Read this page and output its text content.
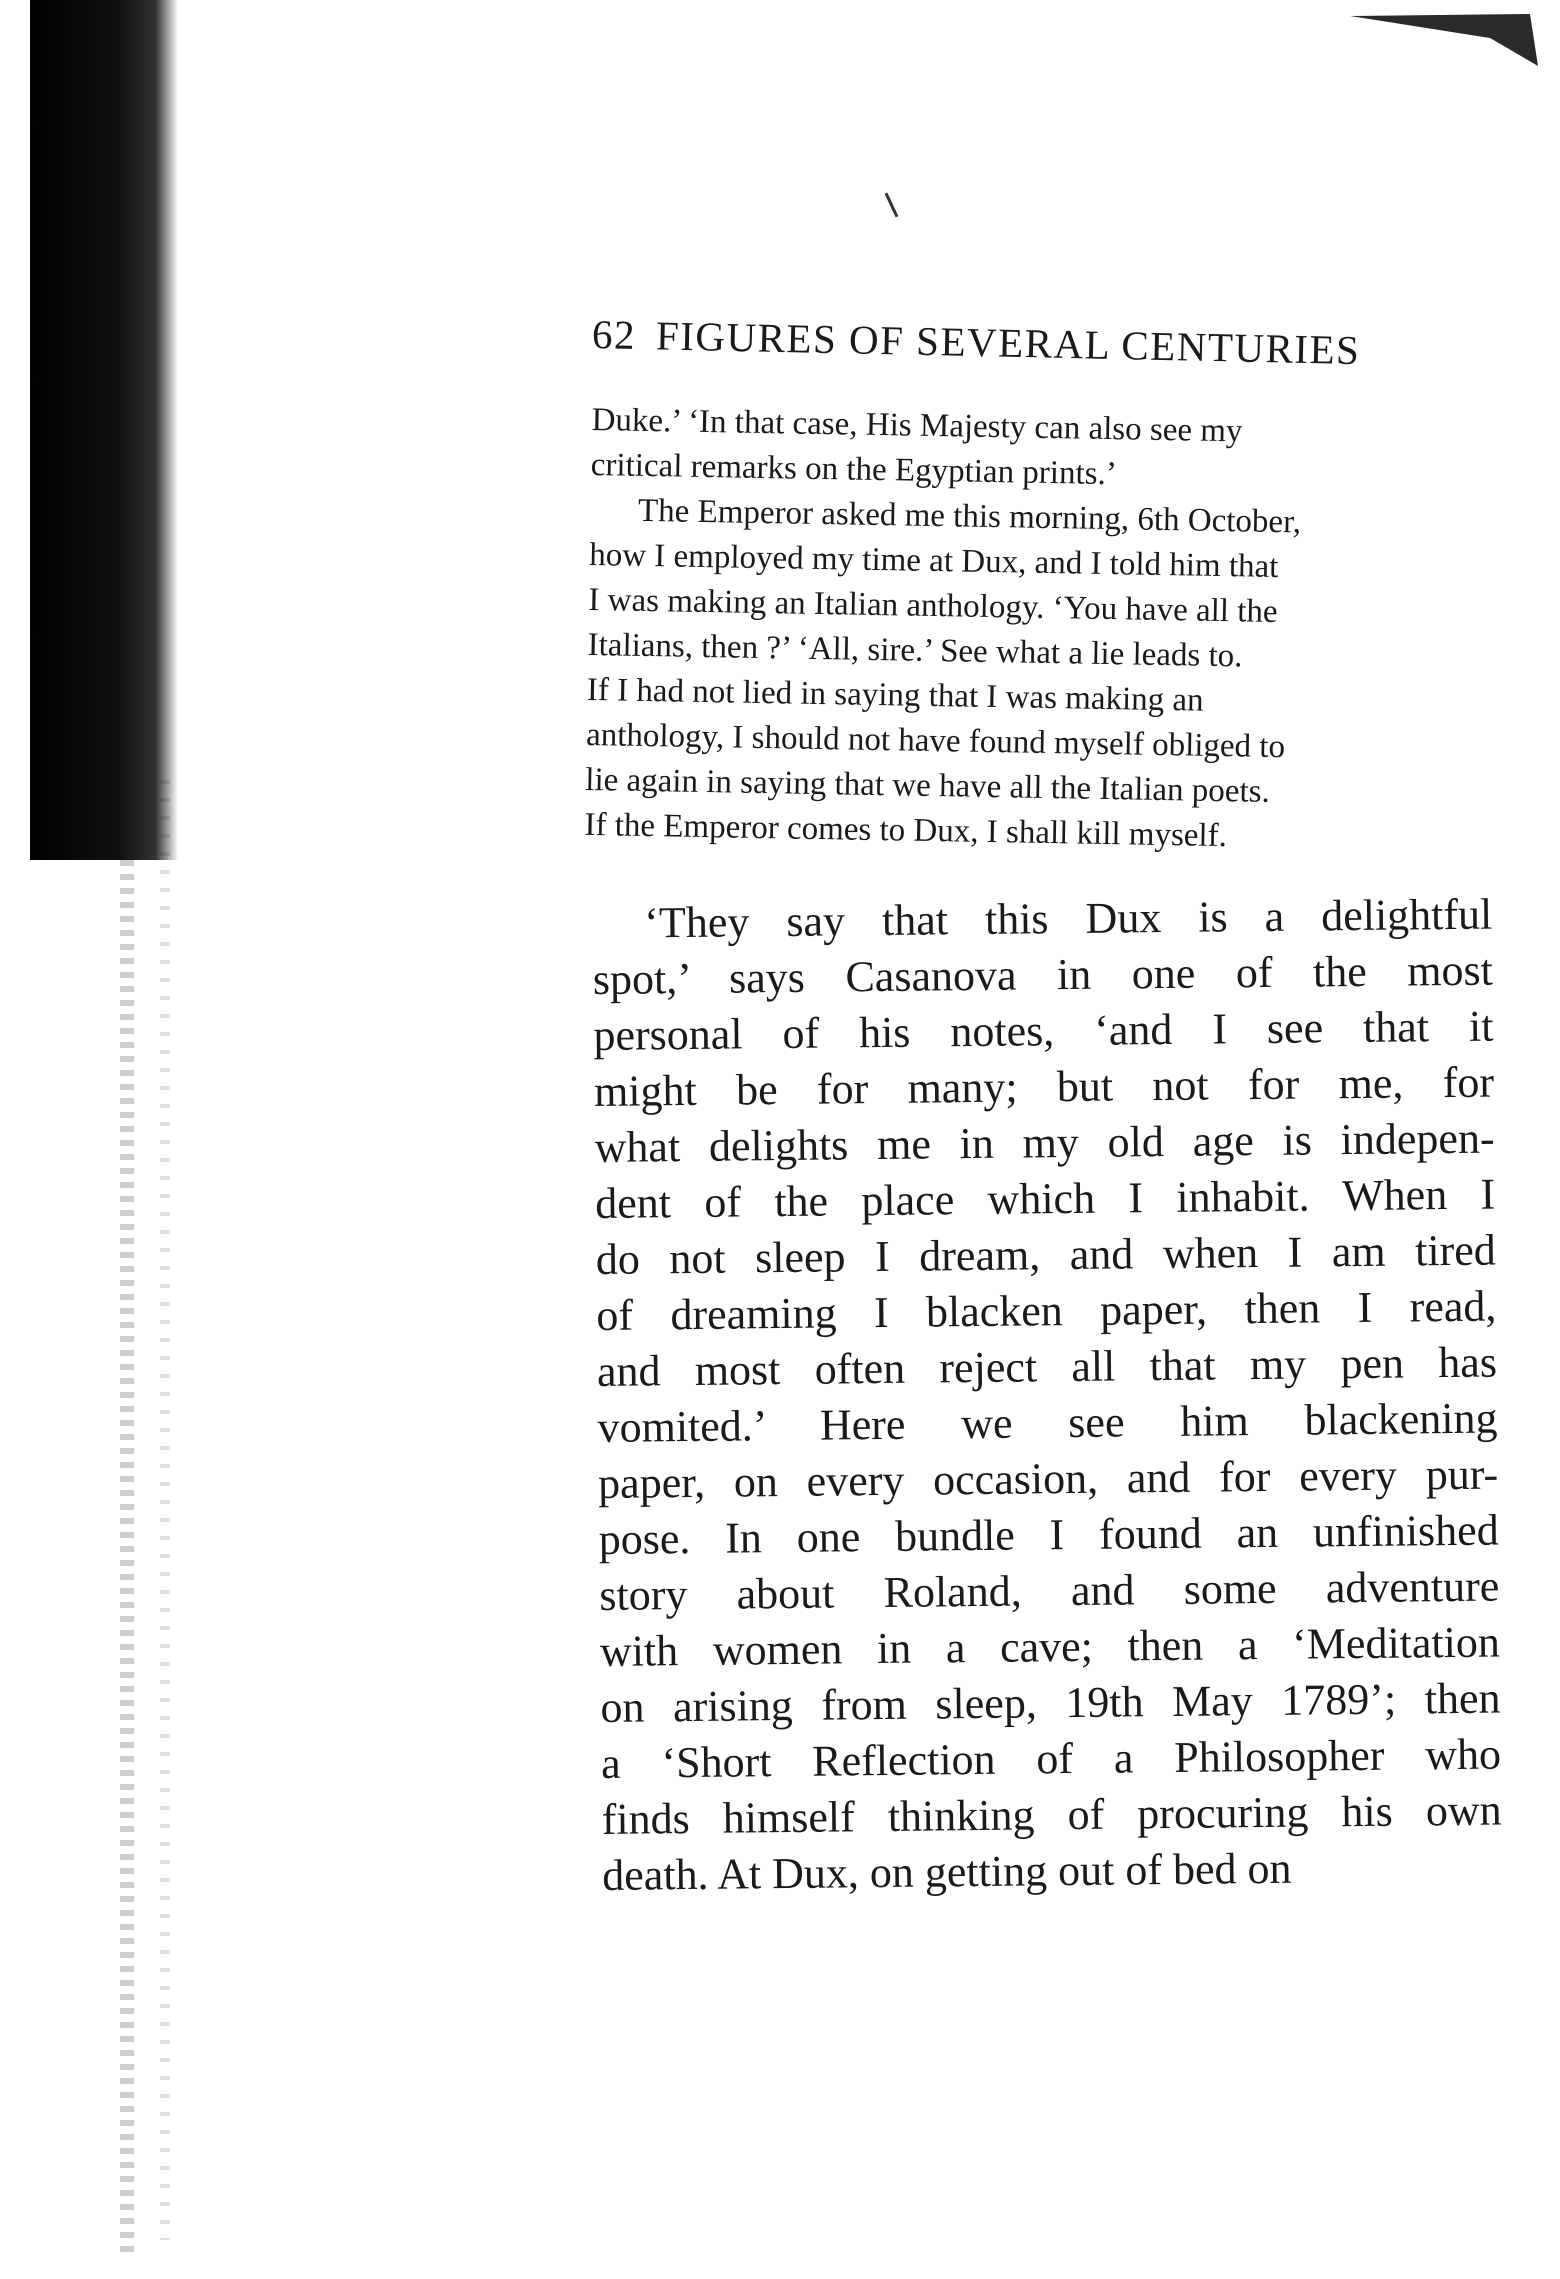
62 FIGURES OF SEVERAL CENTURIES
Duke.’ ‘In that case, His Majesty can also see my
critical remarks on the Egyptian prints.’
The Emperor asked me this morning, 6th October,
how I employed my time at Dux, and I told him that
I was making an Italian anthology. ‘You have all the
Italians, then ?’ ‘All, sire.’ See what a lie leads to.
If I had not lied in saying that I was making an
anthology, I should not have found myself obliged to
lie again in saying that we have all the Italian poets.
If the Emperor comes to Dux, I shall kill myself.
‘They say that this Dux is a delightful
spot,’ says Casanova in one of the most
personal of his notes, ‘and I see that it
might be for many; but not for me, for
what delights me in my old age is indepen-
dent of the place which I inhabit. When I
do not sleep I dream, and when I am tired
of dreaming I blacken paper, then I read,
and most often reject all that my pen has
vomited.’ Here we see him blackening
paper, on every occasion, and for every pur-
pose. In one bundle I found an unfinished
story about Roland, and some adventure
with women in a cave; then a ‘Meditation
on arising from sleep, 19th May 1789’; then
a ‘Short Reflection of a Philosopher who
finds himself thinking of procuring his own
death. At Dux, on getting out of bed on
